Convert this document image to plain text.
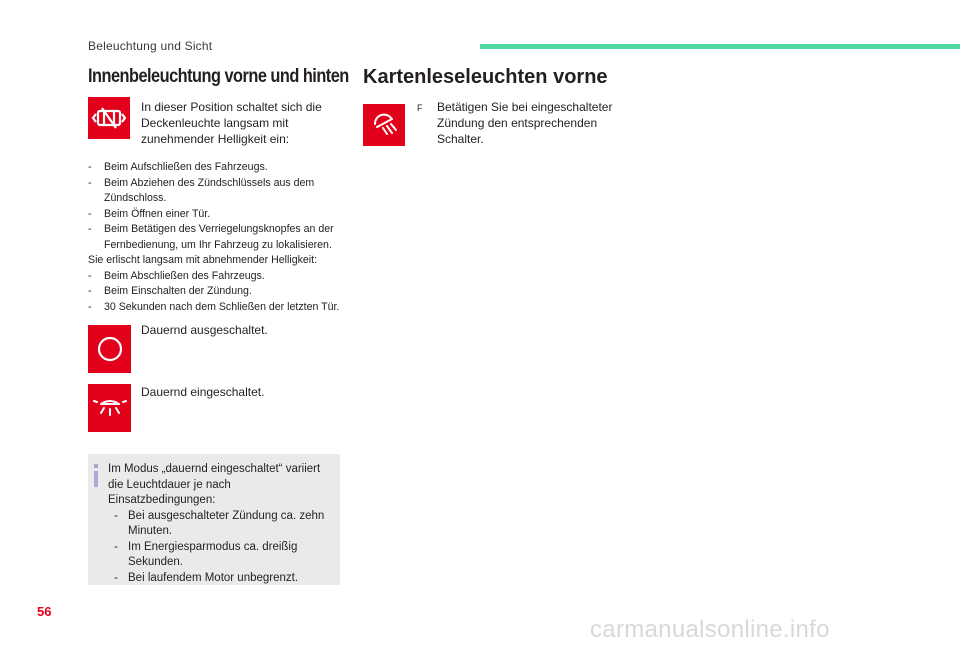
Beleuchtung und Sicht
Innenbeleuchtung vorne und hinten
In dieser Position schaltet sich die Deckenleuchte langsam mit zunehmender Helligkeit ein:
- Beim Aufschließen des Fahrzeugs.
- Beim Abziehen des Zündschlüssels aus dem Zündschloss.
- Beim Öffnen einer Tür.
- Beim Betätigen des Verriegelungsknopfes an der Fernbedienung, um Ihr Fahrzeug zu lokalisieren.
Sie erlischt langsam mit abnehmender Helligkeit:
- Beim Abschließen des Fahrzeugs.
- Beim Einschalten der Zündung.
- 30 Sekunden nach dem Schließen der letzten Tür.
Dauernd ausgeschaltet.
Dauernd eingeschaltet.
Im Modus „dauernd eingeschaltet“ variiert die Leuchtdauer je nach Einsatzbedingungen:
- Bei ausgeschalteter Zündung ca. zehn Minuten.
- Im Energiesparmodus ca. dreißig Sekunden.
- Bei laufendem Motor unbegrenzt.
Kartenleseleuchten vorne
F	Betätigen Sie bei eingeschalteter Zündung den entsprechenden Schalter.
56
carmanualsonline.info
